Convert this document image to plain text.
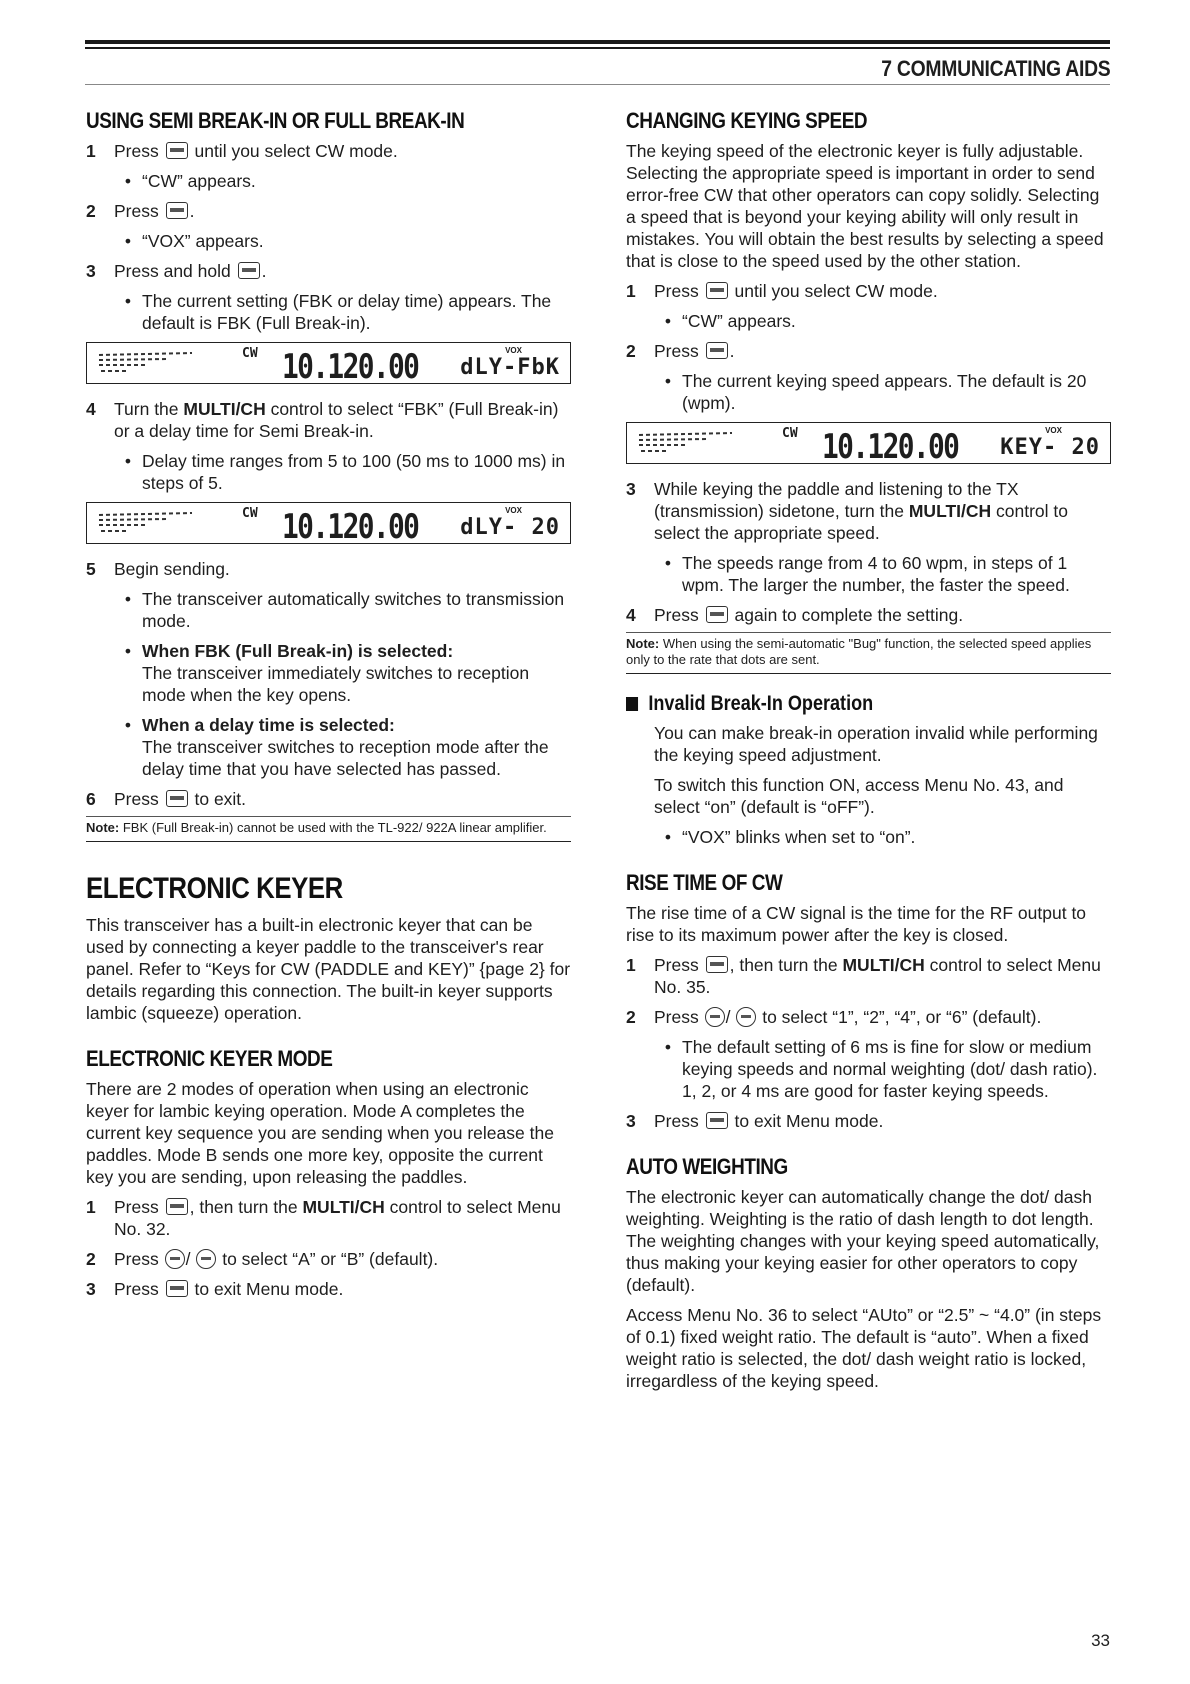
7 COMMUNICATING AIDS
USING SEMI BREAK-IN OR FULL BREAK-IN
1	Press until you select CW mode.
• “CW” appears.
2	Press .
• “VOX” appears.
3	Press and hold .
• The current setting (FBK or delay time) appears. The default is FBK (Full Break-in).
CW 10.120.00	VOX
dLY-FbK
4	Turn the MULTI/CH control to select “FBK” (Full Break-in) or a delay time for Semi Break-in.
• Delay time ranges from 5 to 100 (50 ms to 1000 ms) in steps of 5.
CW 10.120.00	VOX
dLY- 20
5	Begin sending.
• The transceiver automatically switches to transmission mode.
• When FBK (Full Break-in) is selected:
The transceiver immediately switches to reception mode when the key opens.
• When a delay time is selected:
The transceiver switches to reception mode after the delay time that you have selected has passed.
6	Press to exit.
Note: FBK (Full Break-in) cannot be used with the TL-922/ 922A linear amplifier.
ELECTRONIC KEYER

This transceiver has a built-in electronic keyer that can be used by connecting a keyer paddle to the transceiver's rear panel. Refer to “Keys for CW (PADDLE and KEY)” {page 2} for details regarding this connection. The built-in keyer supports lambic (squeeze) operation.

ELECTRONIC KEYER MODE

There are 2 modes of operation when using an electronic keyer for lambic keying operation. Mode A completes the current key sequence you are sending when you release the paddles. Mode B sends one more key, opposite the current key you are sending, upon releasing the paddles.

1	Press , then turn the MULTI/CH control to select Menu No. 32.
2	Press /  to select “A” or “B” (default).
3	Press to exit Menu mode.
CHANGING KEYING SPEED

The keying speed of the electronic keyer is fully adjustable. Selecting the appropriate speed is important in order to send error-free CW that other operators can copy solidly. Selecting a speed that is beyond your keying ability will only result in mistakes. You will obtain the best results by selecting a speed that is close to the speed used by the other station.

1	Press until you select CW mode.
• “CW” appears.
2	Press .
• The current keying speed appears. The default is 20 (wpm).
CW 10.120.00	VOX
KEY- 20
3	While keying the paddle and listening to the TX (transmission) sidetone, turn the MULTI/CH control to select the appropriate speed.
• The speeds range from 4 to 60 wpm, in steps of 1 wpm. The larger the number, the faster the speed.
4	Press again to complete the setting.
Note: When using the semi-automatic "Bug" function, the selected speed applies only to the rate that dots are sent.
Invalid Break-In Operation

You can make break-in operation invalid while performing the keying speed adjustment.

To switch this function ON, access Menu No. 43, and select “on” (default is “oFF”).

• “VOX” blinks when set to “on”.
RISE TIME OF CW

The rise time of a CW signal is the time for the RF output to rise to its maximum power after the key is closed.

1	Press , then turn the MULTI/CH control to select Menu No. 35.
2	Press /  to select “1”, “2”, “4”, or “6” (default).
• The default setting of 6 ms is fine for slow or medium keying speeds and normal weighting (dot/ dash ratio). 1, 2, or 4 ms are good for faster keying speeds.
3	Press to exit Menu mode.
AUTO WEIGHTING

The electronic keyer can automatically change the dot/ dash weighting. Weighting is the ratio of dash length to dot length. The weighting changes with your keying speed automatically, thus making your keying easier for other operators to copy (default).

Access Menu No. 36 to select “AUto” or “2.5” ~ “4.0” (in steps of 0.1) fixed weight ratio. The default is “auto”. When a fixed weight ratio is selected, the dot/ dash weight ratio is locked, irregardless of the keying speed.

33
